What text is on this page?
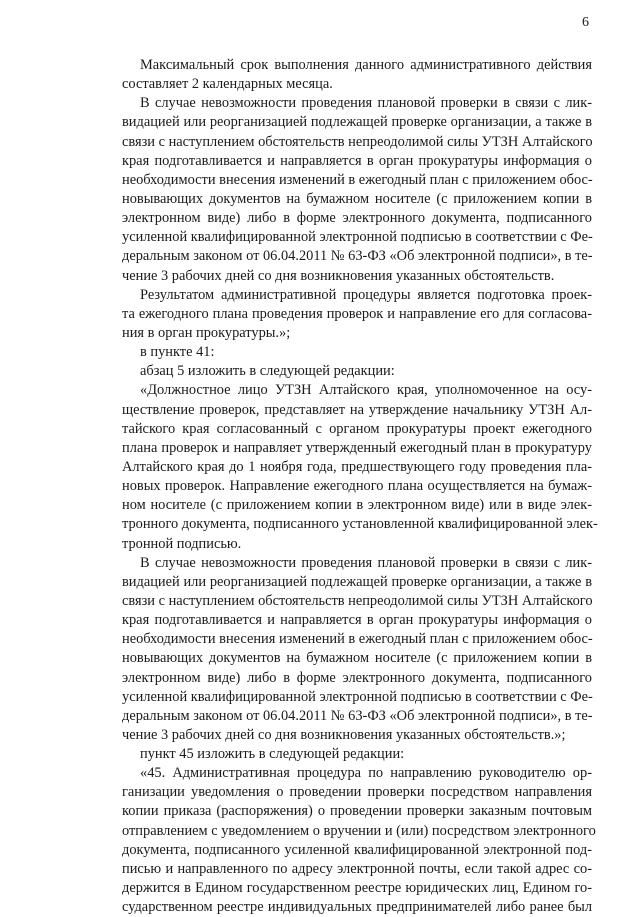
6
Максимальный срок выполнения данного административного действия
составляет 2 календарных месяца.
В случае невозможности проведения плановой проверки в связи с лик-
видацией или реорганизацией подлежащей проверке организации, а также в
связи с наступлением обстоятельств непреодолимой силы УТЗН Алтайского
края подготавливается и направляется в орган прокуратуры информация о
необходимости внесения изменений в ежегодный план с приложением обос-
новывающих документов на бумажном носителе (с приложением копии в
электронном виде) либо в форме электронного документа, подписанного
усиленной квалифицированной электронной подписью в соответствии с Фе-
деральным законом от 06.04.2011 № 63-ФЗ «Об электронной подписи», в те-
чение 3 рабочих дней со дня возникновения указанных обстоятельств.
Результатом административной процедуры является подготовка проек-
та ежегодного плана проведения проверок и направление его для согласова-
ния в орган прокуратуры.»;
в пункте 41:
абзац 5 изложить в следующей редакции:
«Должностное лицо УТЗН Алтайского края, уполномоченное на осу-
ществление проверок, представляет на утверждение начальнику УТЗН Ал-
тайского края согласованный с органом прокуратуры проект ежегодного
плана проверок и направляет утвержденный ежегодный план в прокуратуру
Алтайского края до 1 ноября года, предшествующего году проведения пла-
новых проверок. Направление ежегодного плана осуществляется на бумаж-
ном носителе (с приложением копии в электронном виде) или в виде элек-
тронного документа, подписанного установленной квалифицированной элек-
тронной подписью.
В случае невозможности проведения плановой проверки в связи с лик-
видацией или реорганизацией подлежащей проверке организации, а также в
связи с наступлением обстоятельств непреодолимой силы УТЗН Алтайского
края подготавливается и направляется в орган прокуратуры информация о
необходимости внесения изменений в ежегодный план с приложением обос-
новывающих документов на бумажном носителе (с приложением копии в
электронном виде) либо в форме электронного документа, подписанного
усиленной квалифицированной электронной подписью в соответствии с Фе-
деральным законом от 06.04.2011 № 63-ФЗ «Об электронной подписи», в те-
чение 3 рабочих дней со дня возникновения указанных обстоятельств.»;
пункт 45 изложить в следующей редакции:
«45. Административная процедура по направлению руководителю ор-
ганизации уведомления о проведении проверки посредством направления
копии приказа (распоряжения) о проведении проверки заказным почтовым
отправлением с уведомлением о вручении и (или) посредством электронного
документа, подписанного усиленной квалифицированной электронной под-
писью и направленного по адресу электронной почты, если такой адрес со-
держится в Едином государственном реестре юридических лиц, Едином го-
сударственном реестре индивидуальных предпринимателей либо ранее был
